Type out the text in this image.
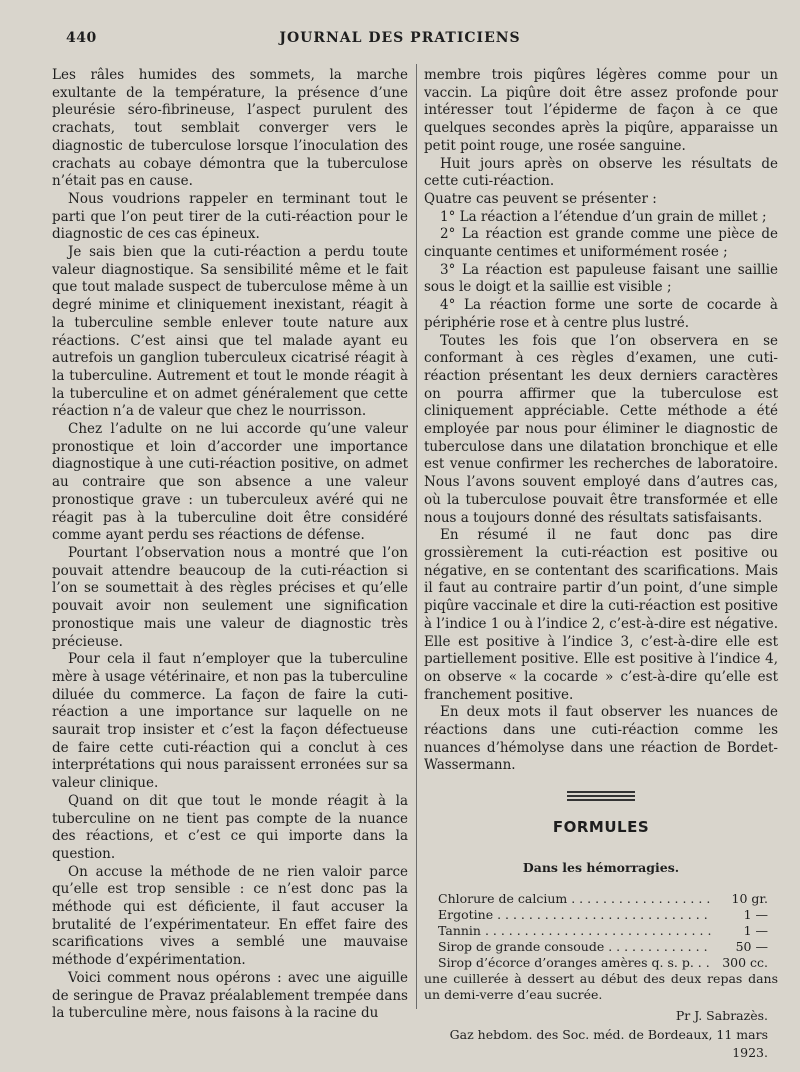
440	JOURNAL DES PRATICIENS

Les râles humides des sommets, la marche exultante de la température, la présence d’une pleurésie séro-fibrineuse, l’aspect purulent des crachats, tout semblait converger vers le diagnostic de tuberculose lorsque l’inoculation des crachats au cobaye démontra que la tuberculose n’était pas en cause.

Nous voudrions rappeler en terminant tout le parti que l’on peut tirer de la cuti-réaction pour le diagnostic de ces cas épineux.

Je sais bien que la cuti-réaction a perdu toute valeur diagnostique. Sa sensibilité même et le fait que tout malade suspect de tuberculose même à un degré minime et cliniquement inexistant, réagit à la tuberculine semble enlever toute nature aux réactions. C’est ainsi que tel malade ayant eu autrefois un ganglion tuberculeux cicatrisé réagit à la tuberculine. Autrement et tout le monde réagit à la tuberculine et on admet généralement que cette réaction n’a de valeur que chez le nourrisson.

Chez l’adulte on ne lui accorde qu’une valeur pronostique et loin d’accorder une importance diagnostique à une cuti-réaction positive, on admet au contraire que son absence a une valeur pronostique grave : un tuberculeux avéré qui ne réagit pas à la tuberculine doit être considéré comme ayant perdu ses réactions de défense.

Pourtant l’observation nous a montré que l’on pouvait attendre beaucoup de la cuti-réaction si l’on se soumettait à des règles précises et qu’elle pouvait avoir non seulement une signification pronostique mais une valeur de diagnostic très précieuse.

Pour cela il faut n’employer que la tuberculine mère à usage vétérinaire, et non pas la tuberculine diluée du commerce. La façon de faire la cuti-réaction a une importance sur laquelle on ne saurait trop insister et c’est la façon défectueuse de faire cette cuti-réaction qui a conclut à ces interprétations qui nous paraissent erronées sur sa valeur clinique.

Quand on dit que tout le monde réagit à la tuberculine on ne tient pas compte de la nuance des réactions, et c’est ce qui importe dans la question.

On accuse la méthode de ne rien valoir parce qu’elle est trop sensible : ce n’est donc pas la méthode qui est déficiente, il faut accuser la brutalité de l’expérimentateur. En effet faire des scarifications vives a semblé une mauvaise méthode d’expérimentation.

Voici comment nous opérons : avec une aiguille de seringue de Pravaz préalablement trempée dans la tuberculine mère, nous faisons à la racine du

membre trois piqûres légères comme pour un vaccin. La piqûre doit être assez profonde pour intéresser tout l’épiderme de façon à ce que quelques secondes après la piqûre, apparaisse un petit point rouge, une rosée sanguine.

Huit jours après on observe les résultats de cette cuti-réaction.

Quatre cas peuvent se présenter :

1° La réaction a l’étendue d’un grain de millet ;
2° La réaction est grande comme une pièce de cinquante centimes et uniformément rosée ;
3° La réaction est papuleuse faisant une saillie sous le doigt et la saillie est visible ;
4° La réaction forme une sorte de cocarde à périphérie rose et à centre plus lustré.

Toutes les fois que l’on observera en se conformant à ces règles d’examen, une cuti-réaction présentant les deux derniers caractères on pourra affirmer que la tuberculose est cliniquement appréciable. Cette méthode a été employée par nous pour éliminer le diagnostic de tuberculose dans une dilatation bronchique et elle est venue confirmer les recherches de laboratoire. Nous l’avons souvent employé dans d’autres cas, où la tuberculose pouvait être transformée et elle nous a toujours donné des résultats satisfaisants.

En résumé il ne faut donc pas dire grossièrement la cuti-réaction est positive ou négative, en se contentant des scarifications. Mais il faut au contraire partir d’un point, d’une simple piqûre vaccinale et dire la cuti-réaction est positive à l’indice 1 ou à l’indice 2, c’est-à-dire est négative. Elle est positive à l’indice 3, c’est-à-dire elle est partiellement positive. Elle est positive à l’indice 4, on observe « la cocarde » c’est-à-dire qu’elle est franchement positive.

En deux mots il faut observer les nuances de réactions dans une cuti-réaction comme les nuances d’hémolyse dans une réaction de Bordet-Wassermann.

FORMULES
Dans les hémorragies.
Chlorure de calcium . . .	10 gr.
Ergotine . . .	1 —
Tannin . . .	1 —
Sirop de grande consoude . . .	50 —
Sirop d’écorce d’oranges amères q. s. p. . . .	300 cc.
une cuillerée à dessert au début des deux repas dans un demi-verre d’eau sucrée.
Pr J. Sabrazès.
Gaz hebdom. des Soc. méd. de Bordeaux, 11 mars 1923.
